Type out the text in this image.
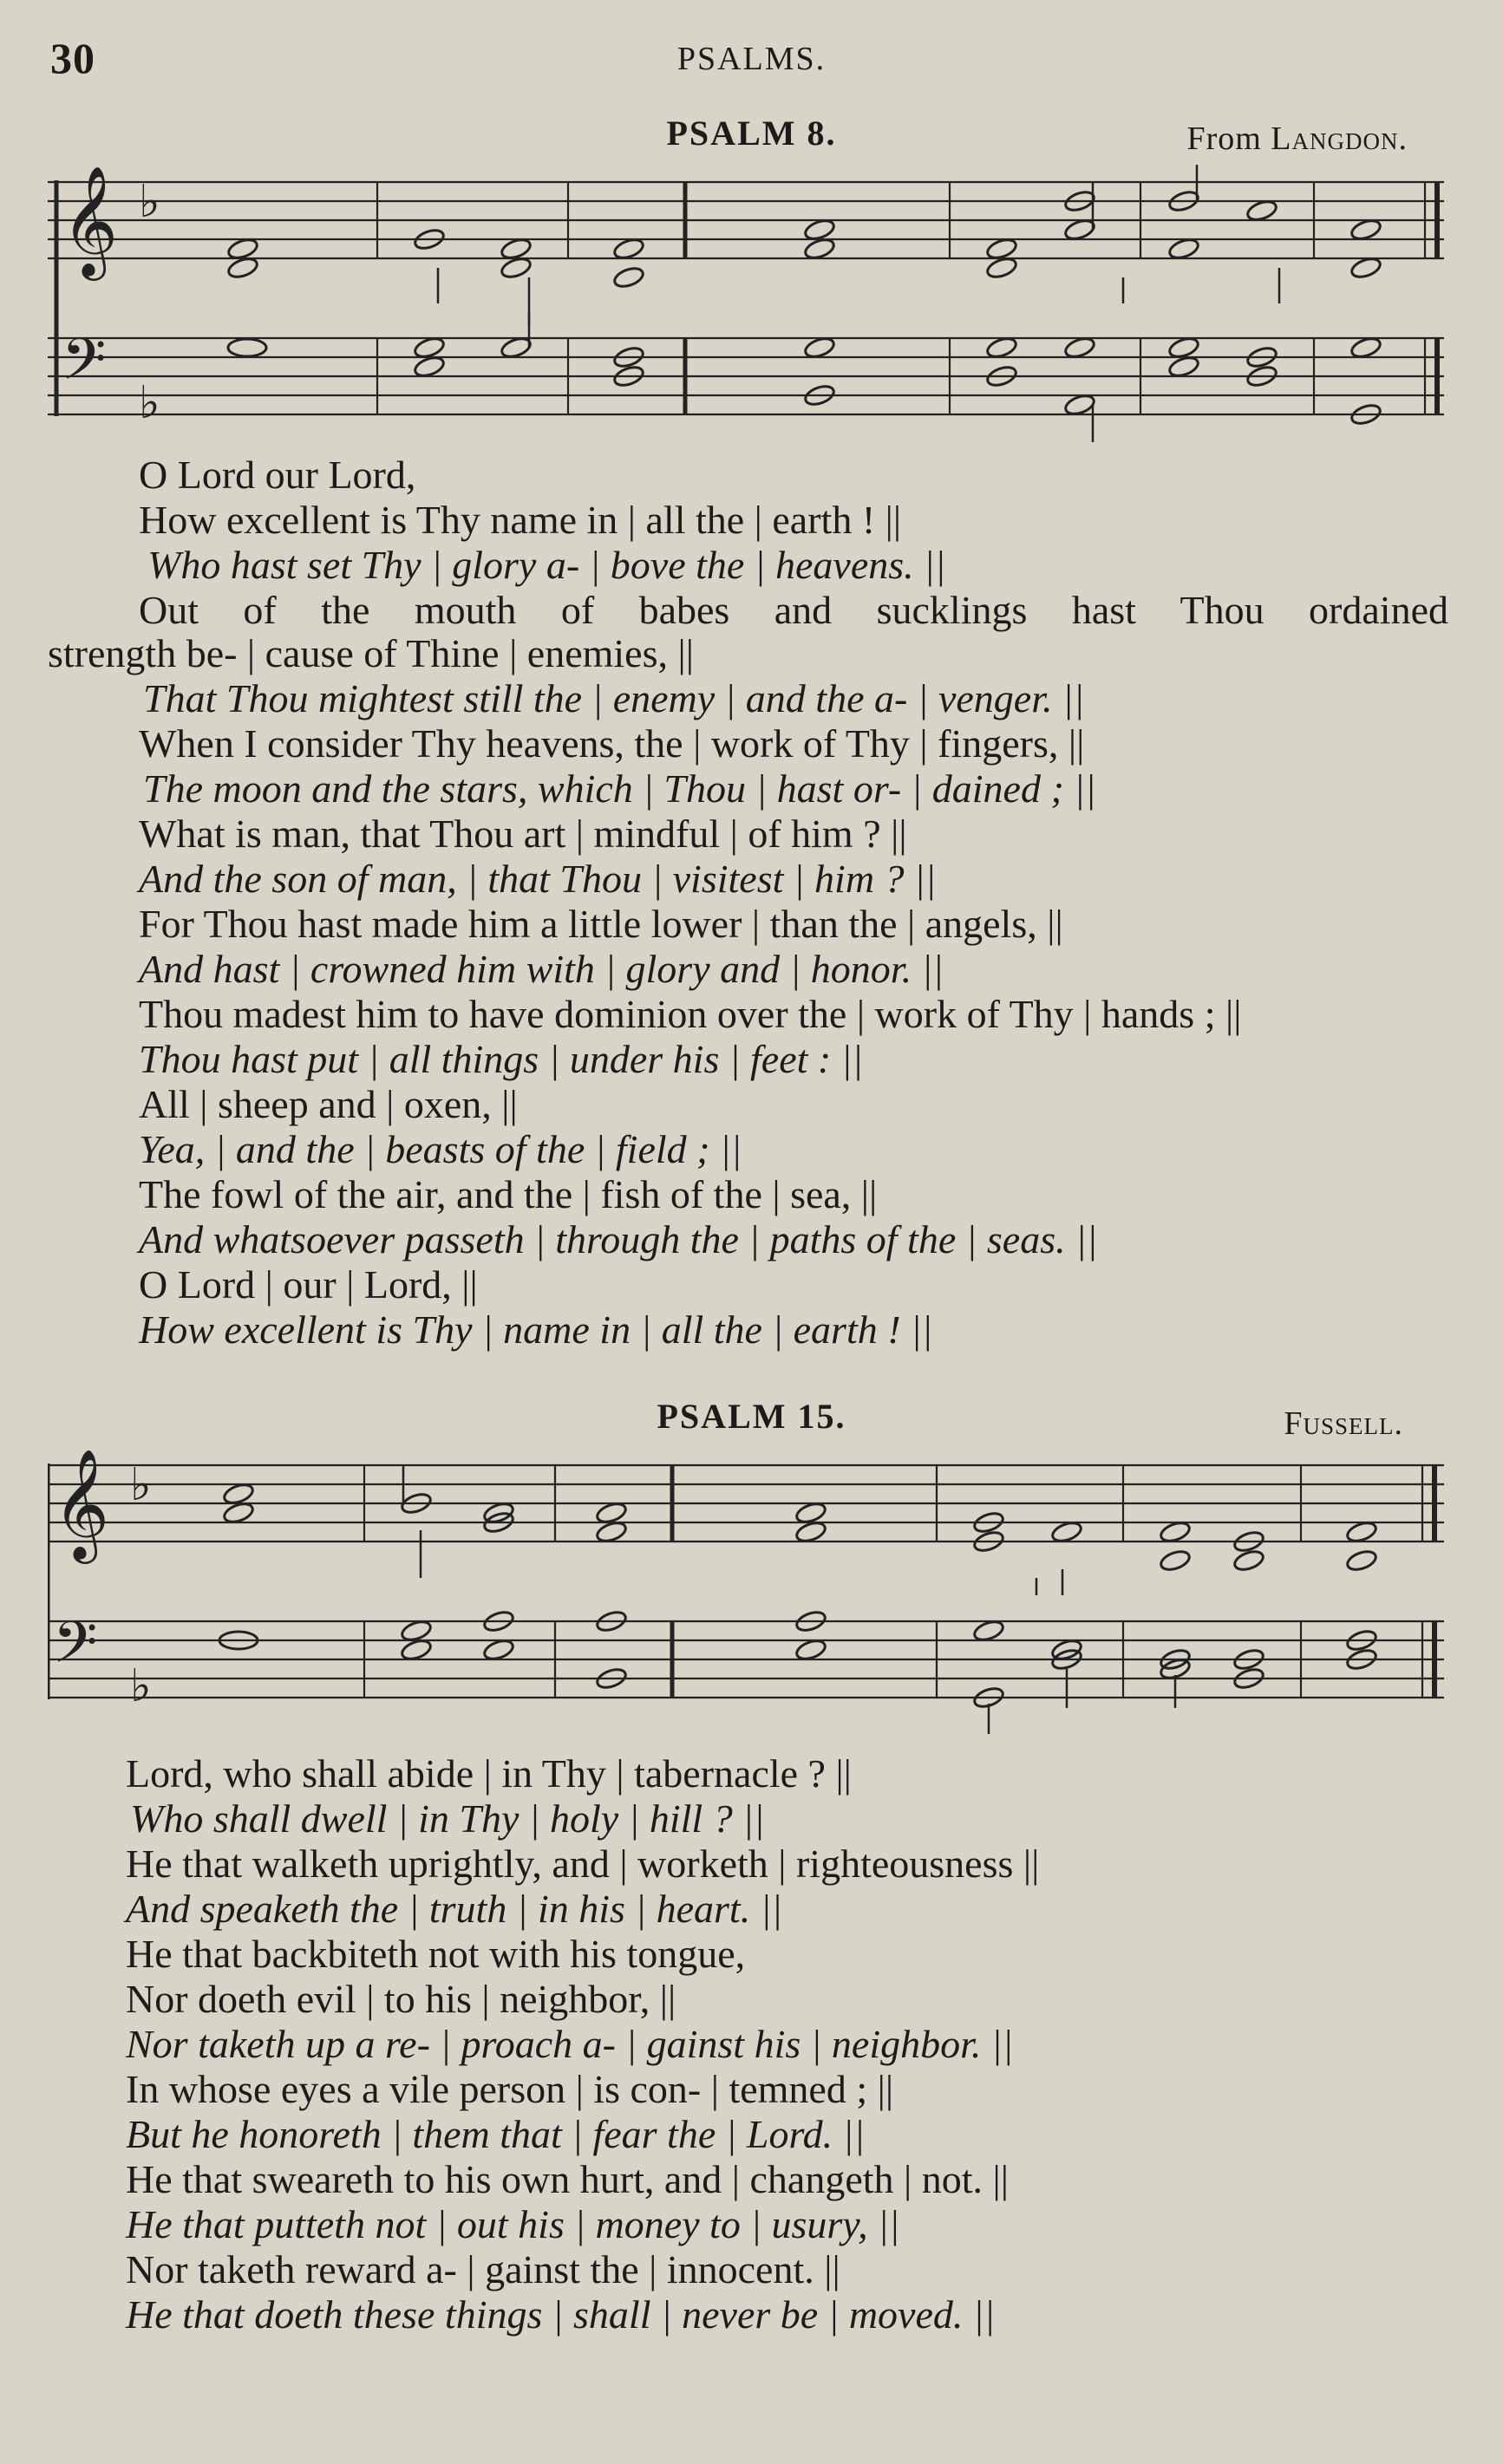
30	PSALMS.
PSALM 8.	From Langdon.
𝄞 ♭
𝄢 ♭
O Lord our Lord,
How excellent is Thy name in | all the | earth ! ||
Who hast set Thy | glory a- | bove the | heavens. ||
Out of the mouth of babes and sucklings hast Thou ordained
strength be- | cause of Thine | enemies, ||
That Thou mightest still the | enemy | and the a- | venger. ||
When I consider Thy heavens, the | work of Thy | fingers, ||
The moon and the stars, which | Thou | hast or- | dained ; ||
What is man, that Thou art | mindful | of him ? ||
And the son of man, | that Thou | visitest | him ? ||
For Thou hast made him a little lower | than the | angels, ||
And hast | crowned him with | glory and | honor. ||
Thou madest him to have dominion over the | work of Thy | hands ; ||
Thou hast put | all things | under his | feet : ||
All | sheep and | oxen, ||
Yea, | and the | beasts of the | field ; ||
The fowl of the air, and the | fish of the | sea, ||
And whatsoever passeth | through the | paths of the | seas. ||
O Lord | our | Lord, ||
How excellent is Thy | name in | all the | earth ! ||
PSALM 15.	Fussell.
𝄞 ♭
𝄢 ♭
Lord, who shall abide | in Thy | tabernacle ? ||
Who shall dwell | in Thy | holy | hill ? ||
He that walketh uprightly, and | worketh | righteousness ||
And speaketh the | truth | in his | heart. ||
He that backbiteth not with his tongue,
Nor doeth evil | to his | neighbor, ||
Nor taketh up a re- | proach a- | gainst his | neighbor. ||
In whose eyes a vile person | is con- | temned ; ||
But he honoreth | them that | fear the | Lord. ||
He that sweareth to his own hurt, and | changeth | not. ||
He that putteth not | out his | money to | usury, ||
Nor taketh reward a- | gainst the | innocent. ||
He that doeth these things | shall | never be | moved. ||
